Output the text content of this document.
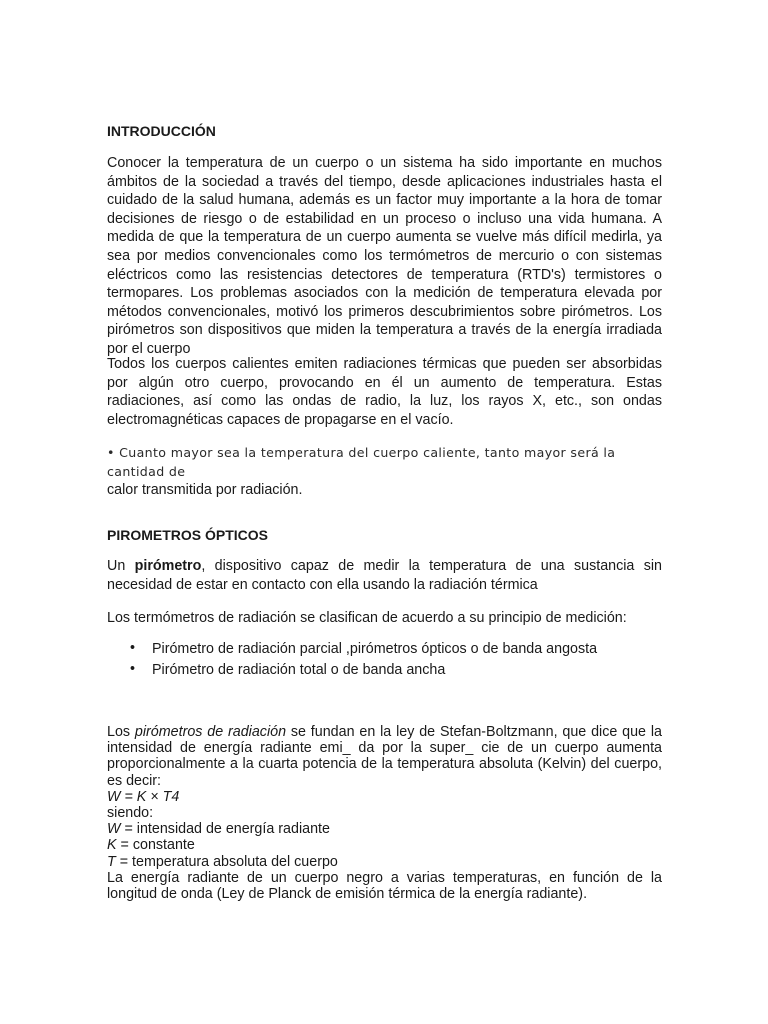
INTRODUCCIÓN

Conocer la temperatura de un cuerpo o un sistema ha sido importante en muchos ámbitos de la sociedad a través del tiempo, desde aplicaciones industriales hasta el cuidado de la salud humana, además es un factor muy importante a la hora de tomar decisiones de riesgo o de estabilidad en un proceso o incluso una vida humana. A medida de que la temperatura de un cuerpo aumenta se vuelve más difícil medirla, ya sea por medios convencionales como los termómetros de mercurio o con sistemas eléctricos como las resistencias detectores de temperatura (RTD's) termistores o termopares. Los problemas asociados con la medición de temperatura elevada por métodos convencionales, motivó los primeros descubrimientos sobre pirómetros. Los pirómetros son dispositivos que miden la temperatura a través de la energía irradiada por el cuerpo

Todos los cuerpos calientes emiten radiaciones térmicas que pueden ser absorbidas por algún otro cuerpo, provocando en él un aumento de temperatura. Estas radiaciones, así como las ondas de radio, la luz, los rayos X, etc., son ondas electromagnéticas capaces de propagarse en el vacío.

• Cuanto mayor sea la temperatura del cuerpo caliente, tanto mayor será la cantidad de
calor transmitida por radiación.

PIROMETROS ÓPTICOS

Un pirómetro, dispositivo capaz de medir la temperatura de una sustancia sin necesidad de estar en contacto con ella usando la radiación térmica

Los termómetros de radiación se clasifican de acuerdo a su principio de medición:

• Pirómetro de radiación parcial ,pirómetros ópticos o de banda angosta
• Pirómetro de radiación total o de banda ancha

Los pirómetros de radiación se fundan en la ley de Stefan-Boltzmann, que dice que la intensidad de energía radiante emi_ da por la super_ cie de un cuerpo aumenta proporcionalmente a la cuarta potencia de la temperatura absoluta (Kelvin) del cuerpo, es decir:

W = K × T4

siendo:

W = intensidad de energía radiante

K = constante

T = temperatura absoluta del cuerpo

La energía radiante de un cuerpo negro a varias temperaturas, en función de la longitud de onda (Ley de Planck de emisión térmica de la energía radiante).
